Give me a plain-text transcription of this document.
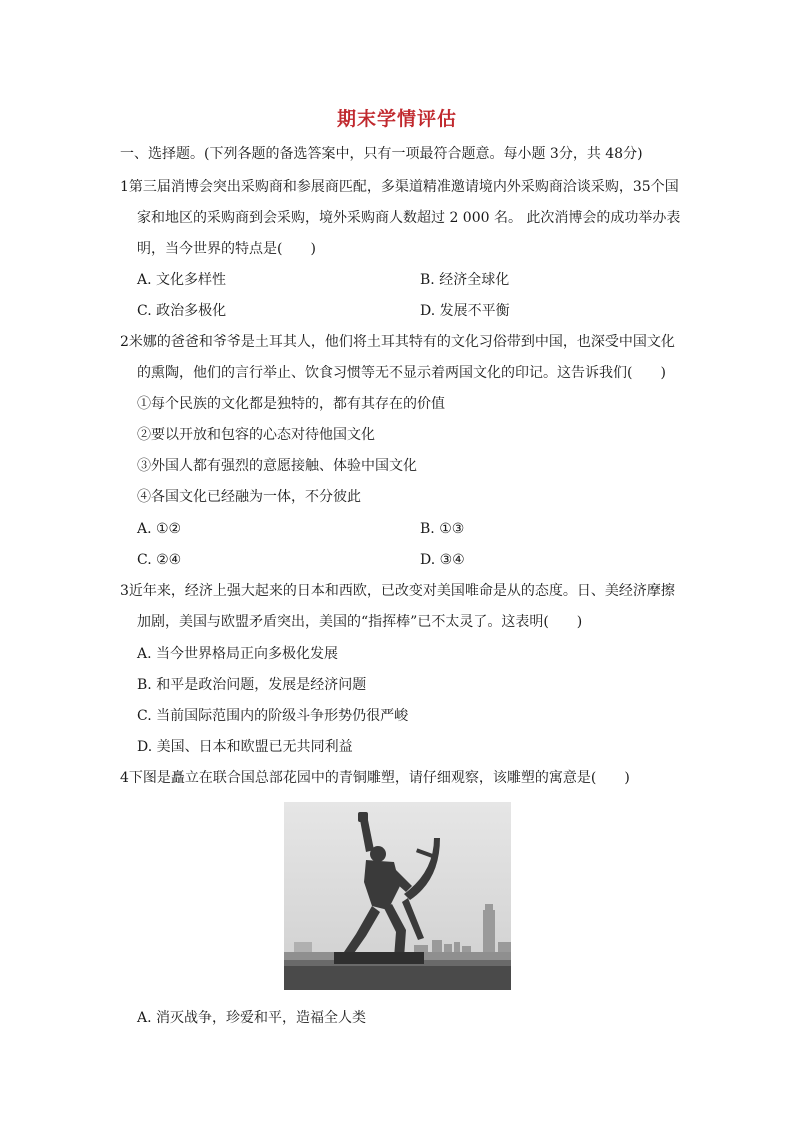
期末学情评估
一、选择题。(下列各题的备选答案中，只有一项最符合题意。每小题 3分，共 48分)
1第三届消博会突出采购商和参展商匹配，多渠道精准邀请境内外采购商洽谈采购，35个国
家和地区的采购商到会采购，境外采购商人数超过 2 000 名。 此次消博会的成功举办表
明，当今世界的特点是(　　)
A. 文化多样性	B. 经济全球化
C. 政治多极化	D. 发展不平衡
2米娜的爸爸和爷爷是土耳其人，他们将土耳其特有的文化习俗带到中国，也深受中国文化
的熏陶，他们的言行举止、饮食习惯等无不显示着两国文化的印记。这告诉我们(　　)
①每个民族的文化都是独特的，都有其存在的价值
②要以开放和包容的心态对待他国文化
③外国人都有强烈的意愿接触、体验中国文化
④各国文化已经融为一体，不分彼此
A. ①②	B. ①③
C. ②④	D. ③④
3近年来，经济上强大起来的日本和西欧，已改变对美国唯命是从的态度。日、美经济摩擦
加剧，美国与欧盟矛盾突出，美国的“指挥棒”已不太灵了。这表明(　　)
A. 当今世界格局正向多极化发展
B. 和平是政治问题，发展是经济问题
C. 当前国际范围内的阶级斗争形势仍很严峻
D. 美国、日本和欧盟已无共同利益
4下图是矗立在联合国总部花园中的青铜雕塑，请仔细观察，该雕塑的寓意是(　　)
A. 消灭战争，珍爱和平，造福全人类
